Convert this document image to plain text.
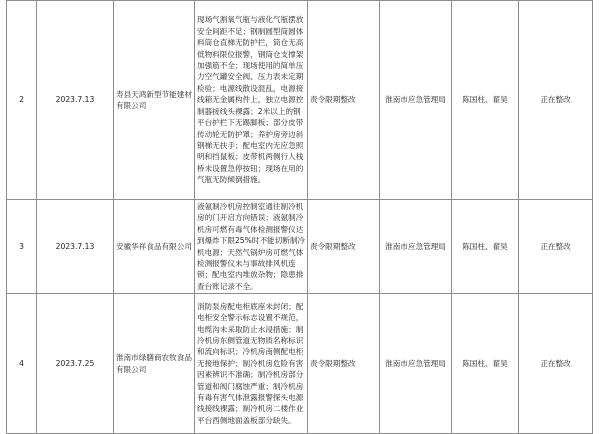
2	2023.7.13	寿县天鸿新型节能建材有限公司	现场气割氧气瓶与液化气瓶摆放安全间距不足；钢制圆型筒圆体料筒仓直梯无防护拦，筒仓无高低物料限位报警，钢筒仓支撑架加强筋不全；现场使用的简单压力空气罐安全阀、压力表未定期检验；电源线散设混乱，电源接线箱无金属构件上，独立电源控制器接线头裸露；2米以上的钢平台护栏下无踢脚板；部分皮带传动轮无防护罩；养护房旁边斜钢梯无扶手；配电室内无应急照明和挡鼠板；皮带机两侧行人栈桥未设置急停按钮；现场在用的气瓶无防倾倒措施。	责令限期整改	淮南市应急管理局	陈国柱、翟昊	正在整改
3	2023.7.13	安徽华祥食品有限公司	液氨制冷机房控制室通往制冷机房的门开启方向错误；液氨制冷机房可燃有毒气体检测报警仪达到爆炸下限25%时不能切断制冷机电源；天然气锅炉房可燃气体检测报警仪未与事故排风机连锁；配电室内堆放杂物；隐患排查台账记录不全。	责令限期整改	淮南市应急管理局	陈国柱、翟昊	正在整改
4	2023.7.25	淮南市绿膳商农牧食品有限公司	消防泵房配电柜底座未封闭；配电柜安全警示标志设置不规范，电缆沟未采取防止水浸措施；制冷机房东侧管道无物质名称标识和流向标识；冷机房南侧配电柜无接地保护；制冷机房危险有害因素辨识不准确；制冷机房部分管道和阀门腐蚀严重；制冷机房有毒有害气体泄露报警探头电源线接线裸露；制冷机房二楼作业平台西侧地面盖板部分缺失。	责令限期整改	淮南市应急管理局	陈国柱、翟昊	正在整改
